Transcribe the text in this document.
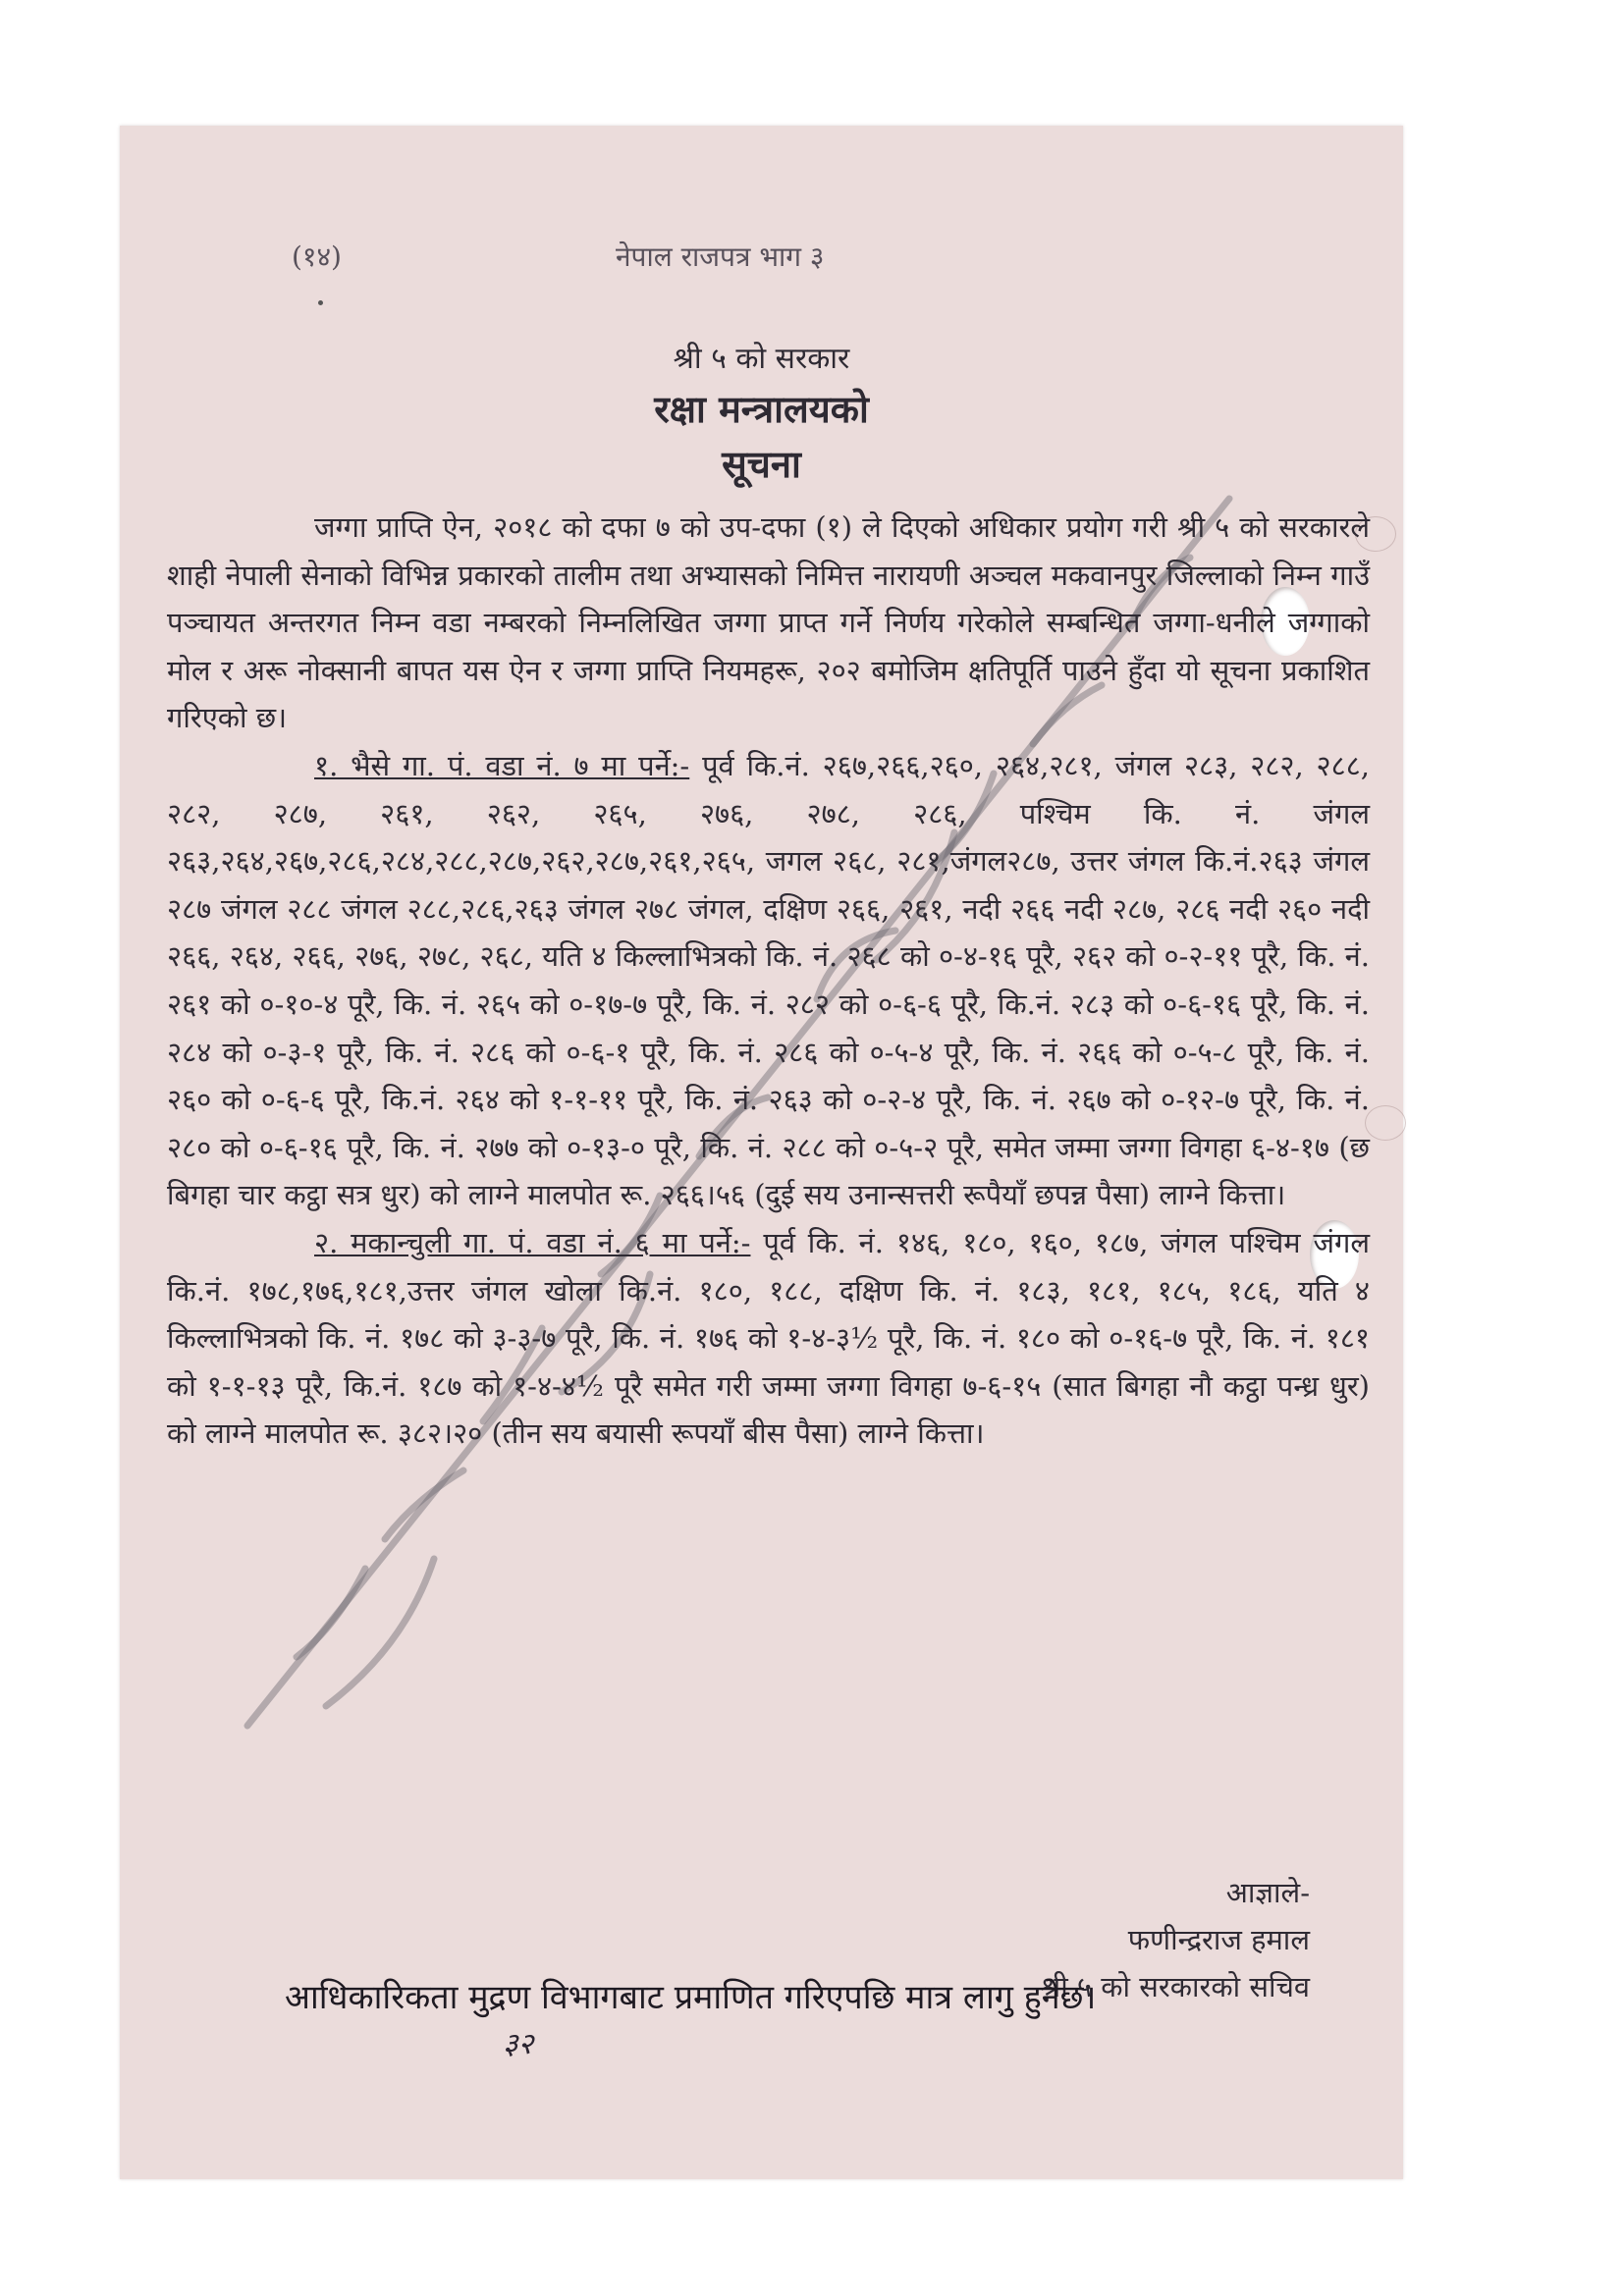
(१४)	नेपाल राजपत्र भाग ३
श्री ५ को सरकार
रक्षा मन्त्रालयको
सूचना

जग्गा प्राप्ति ऐन, २०१८ को दफा ७ को उप-दफा (१) ले दिएको अधिकार प्रयोग गरी श्री ५ को सरकारले शाही नेपाली सेनाको विभिन्न प्रकारको तालीम तथा अभ्यासको निमित्त नारायणी अञ्चल मकवानपुर जिल्लाको निम्न गाउँ पञ्चायत अन्तरगत निम्न वडा नम्बरको निम्नलिखित जग्गा प्राप्त गर्ने निर्णय गरेकोले सम्बन्धित जग्गा-धनीले जग्गाको मोल र अरू नोक्सानी बापत यस ऐन र जग्गा प्राप्ति नियमहरू, २०२ बमोजिम क्षतिपूर्ति पाउने हुँदा यो सूचना प्रकाशित गरिएको छ।

१. भैसे गा. पं. वडा नं. ७ मा पर्ने:- पूर्व कि.नं. २६७,२६६,२६०, २६४,२८१, जंगल २८३, २८२, २८८, २८२, २८७, २६१, २६२, २६५, २७६, २७८, २८६, पश्चिम कि. नं. जंगल २६३,२६४,२६७,२८६,२८४,२८८,२८७,२६२,२८७,२६१,२६५, जगल २६८, २८१,जंगल२८७, उत्तर जंगल कि.नं.२६३ जंगल २८७ जंगल २८८ जंगल २८८,२८६,२६३ जंगल २७८ जंगल, दक्षिण २६६, २६१, नदी २६६ नदी २८७, २८६ नदी २६० नदी २६६, २६४, २६६, २७६, २७८, २६८, यति ४ किल्लाभित्रको कि. नं. २६८ को ०-४-१६ पूरै, २६२ को ०-२-११ पूरै, कि. नं. २६१ को ०-१०-४ पूरै, कि. नं. २६५ को ०-१७-७ पूरै, कि. नं. २८२ को ०-६-६ पूरै, कि.नं. २८३ को ०-६-१६ पूरै, कि. नं. २८४ को ०-३-१ पूरै, कि. नं. २८६ को ०-६-१ पूरै, कि. नं. २८६ को ०-५-४ पूरै, कि. नं. २६६ को ०-५-८ पूरै, कि. नं. २६० को ०-६-६ पूरै, कि.नं. २६४ को १-१-११ पूरै, कि. नं. २६३ को ०-२-४ पूरै, कि. नं. २६७ को ०-१२-७ पूरै, कि. नं. २८० को ०-६-१६ पूरै, कि. नं. २७७ को ०-१३-० पूरै, कि. नं. २८८ को ०-५-२ पूरै, समेत जम्मा जग्गा विगहा ६-४-१७ (छ बिगहा चार कट्ठा सत्र धुर) को लाग्ने मालपोत रू. २६६।५६ (दुई सय उनान्सत्तरी रूपैयाँ छपन्न पैसा) लाग्ने कित्ता।

२. मकान्चुली गा. पं. वडा नं. ६ मा पर्ने:- पूर्व कि. नं. १४६, १८०, १६०, १८७, जंगल पश्चिम जंगल कि.नं. १७८,१७६,१८१,उत्तर जंगल खोला कि.नं. १८०, १८८, दक्षिण कि. नं. १८३, १८१, १८५, १८६, यति ४ किल्लाभित्रको कि. नं. १७८ को ३-३-७ पूरै, कि. नं. १७६ को १-४-३½ पूरै, कि. नं. १८० को ०-१६-७ पूरै, कि. नं. १८१ को १-१-१३ पूरै, कि.नं. १८७ को १-४-४½ पूरै समेत गरी जम्मा जग्गा विगहा ७-६-१५ (सात बिगहा नौ कट्ठा पन्ध्र धुर) को लाग्ने मालपोत रू. ३८२।२० (तीन सय बयासी रूपयाँ बीस पैसा) लाग्ने कित्ता।

आज्ञाले-
फणीन्द्रराज हमाल
श्री ५ को सरकारको सचिव
आधिकारिकता मुद्रण विभागबाट प्रमाणित गरिएपछि मात्र लागु हुनेछ।
३२
